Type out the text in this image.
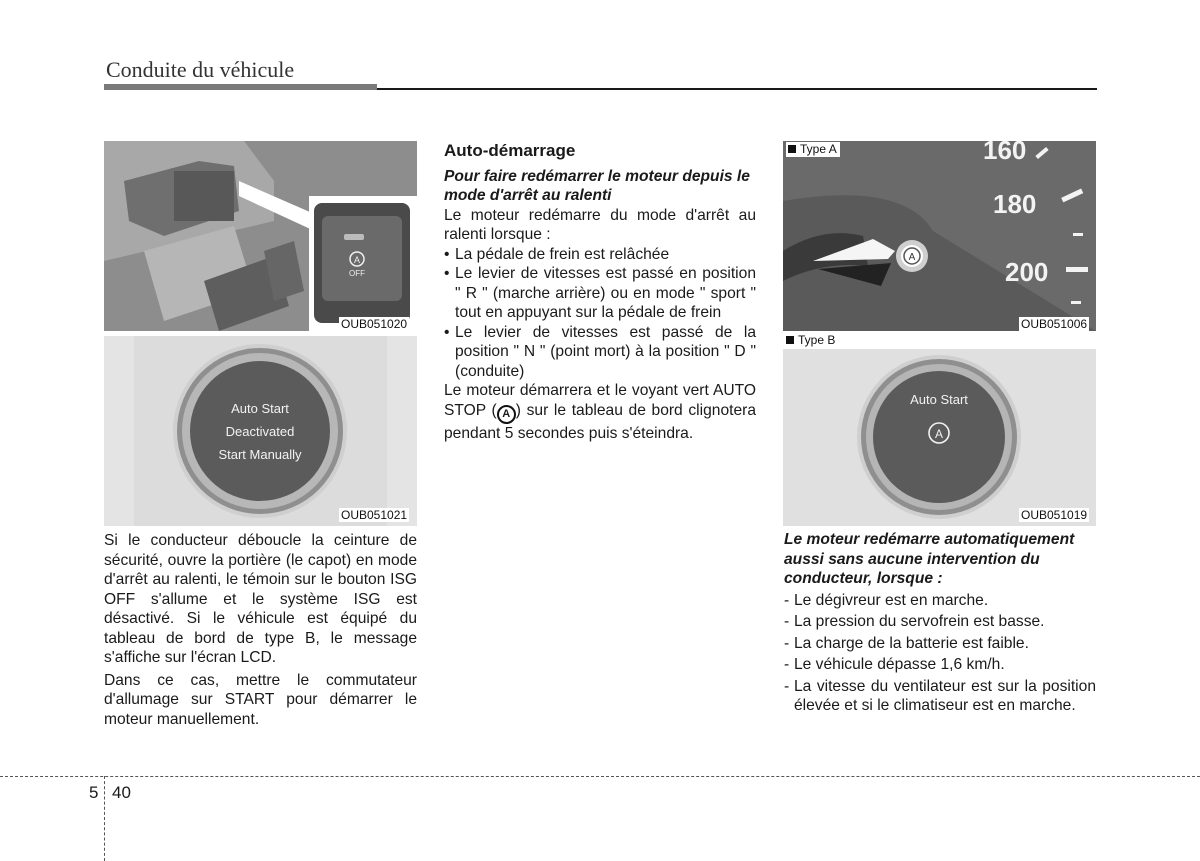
Conduite du véhicule
A
OFF
OUB051020
Auto Start
Deactivated
Start Manually
OUB051021

Si le conducteur déboucle la ceinture de sécurité, ouvre la portière (le capot) en mode d'arrêt au ralenti, le témoin sur le bouton ISG OFF s'allume et le système ISG est désactivé. Si le véhicule est équipé du tableau de bord de type B, le message s'affiche sur l'écran LCD.

Dans ce cas, mettre le commutateur d'allumage sur START pour démarrer le moteur manuellement.

Auto-démarrage
Pour faire redémarrer le moteur depuis le mode d'arrêt au ralenti

Le moteur redémarre du mode d'arrêt au ralenti lorsque :

• La pédale de frein est relâchée
• Le levier de vitesses est passé en position " R " (marche arrière) ou en mode " sport " tout en appuyant sur la pédale de frein
• Le levier de vitesses est passé de la position " N " (point mort) à la position " D " (conduite)

Le moteur démarrera et le voyant vert AUTO STOP ( A ) sur le tableau de bord clignotera pendant 5 secondes puis s'éteindra.

A
160
180
200
Type A
OUB051006
Type B
Auto Start
A
OUB051019
Le moteur redémarre automatiquement aussi sans aucune intervention du conducteur, lorsque :
- Le dégivreur est en marche.
- La pression du servofrein est basse.
- La charge de la batterie est faible.
- Le véhicule dépasse 1,6 km/h.
- La vitesse du ventilateur est sur la position élevée et si le climatiseur est en marche.
5 40
